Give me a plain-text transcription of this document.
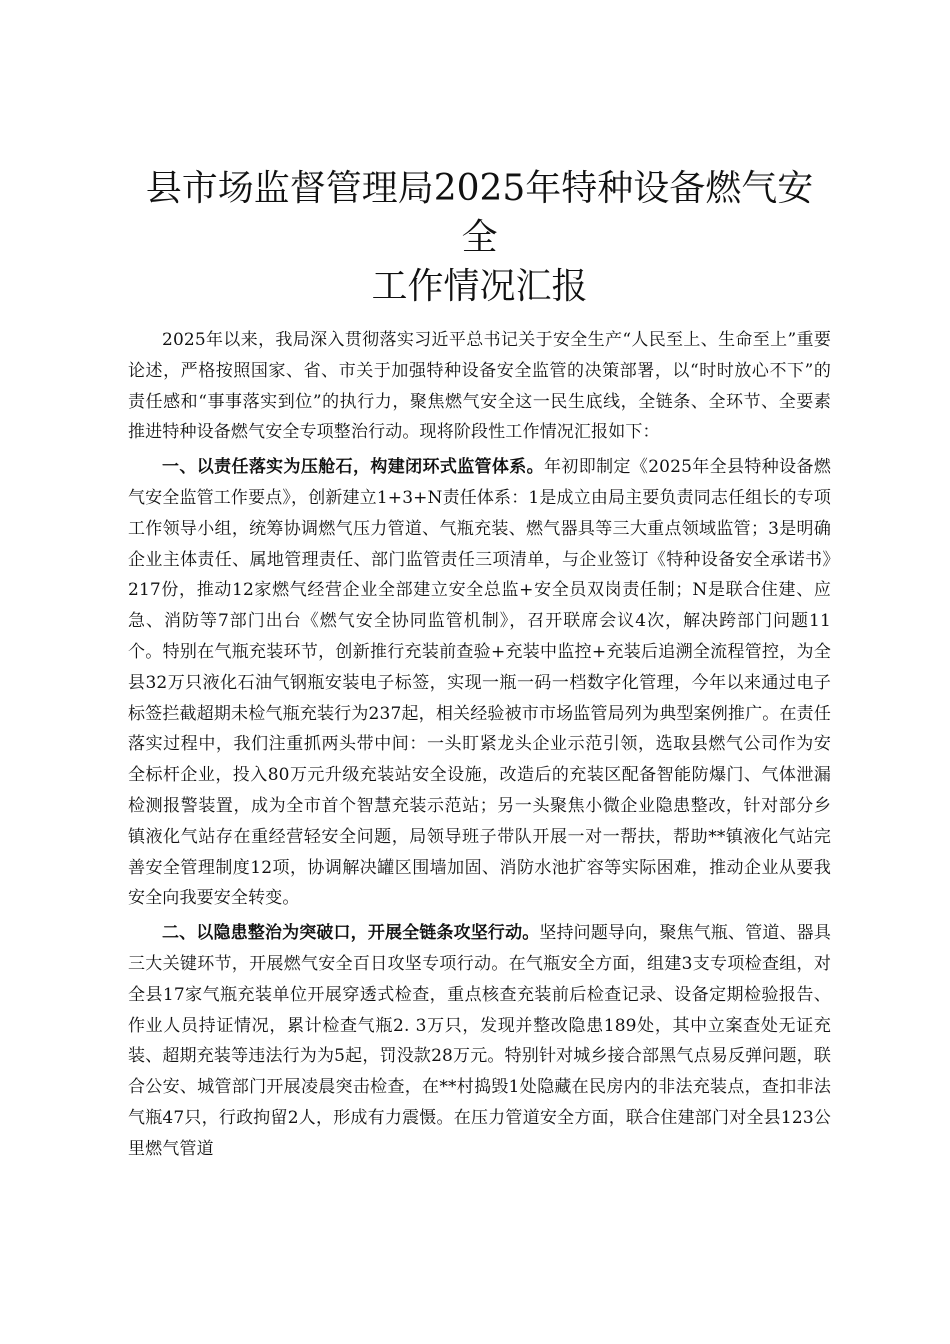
县市场监督管理局2025年特种设备燃气安全
工作情况汇报

2025年以来，我局深入贯彻落实习近平总书记关于安全生产“人民至上、生命至上”重要论述，严格按照国家、省、市关于加强特种设备安全监管的决策部署，以“时时放心不下”的责任感和“事事落实到位”的执行力，聚焦燃气安全这一民生底线，全链条、全环节、全要素推进特种设备燃气安全专项整治行动。现将阶段性工作情况汇报如下：

一、以责任落实为压舱石，构建闭环式监管体系。年初即制定《2025年全县特种设备燃气安全监管工作要点》，创新建立1+3+N责任体系：1是成立由局主要负责同志任组长的专项工作领导小组，统筹协调燃气压力管道、气瓶充装、燃气器具等三大重点领域监管；3是明确企业主体责任、属地管理责任、部门监管责任三项清单，与企业签订《特种设备安全承诺书》217份，推动12家燃气经营企业全部建立安全总监+安全员双岗责任制；N是联合住建、应急、消防等7部门出台《燃气安全协同监管机制》，召开联席会议4次，解决跨部门问题11个。特别在气瓶充装环节，创新推行充装前查验+充装中监控+充装后追溯全流程管控，为全县32万只液化石油气钢瓶安装电子标签，实现一瓶一码一档数字化管理，今年以来通过电子标签拦截超期未检气瓶充装行为237起，相关经验被市市场监管局列为典型案例推广。在责任落实过程中，我们注重抓两头带中间：一头盯紧龙头企业示范引领，选取县燃气公司作为安全标杆企业，投入80万元升级充装站安全设施，改造后的充装区配备智能防爆门、气体泄漏检测报警装置，成为全市首个智慧充装示范站；另一头聚焦小微企业隐患整改，针对部分乡镇液化气站存在重经营轻安全问题，局领导班子带队开展一对一帮扶，帮助**镇液化气站完善安全管理制度12项，协调解决罐区围墙加固、消防水池扩容等实际困难，推动企业从要我安全向我要安全转变。

二、以隐患整治为突破口，开展全链条攻坚行动。坚持问题导向，聚焦气瓶、管道、器具三大关键环节，开展燃气安全百日攻坚专项行动。在气瓶安全方面，组建3支专项检查组，对全县17家气瓶充装单位开展穿透式检查，重点核查充装前后检查记录、设备定期检验报告、作业人员持证情况，累计检查气瓶2. 3万只，发现并整改隐患189处，其中立案查处无证充装、超期充装等违法行为为5起，罚没款28万元。特别针对城乡接合部黑气点易反弹问题，联合公安、城管部门开展凌晨突击检查，在**村捣毁1处隐藏在民房内的非法充装点，查扣非法气瓶47只，行政拘留2人，形成有力震慑。在压力管道安全方面，联合住建部门对全县123公里燃气管道
